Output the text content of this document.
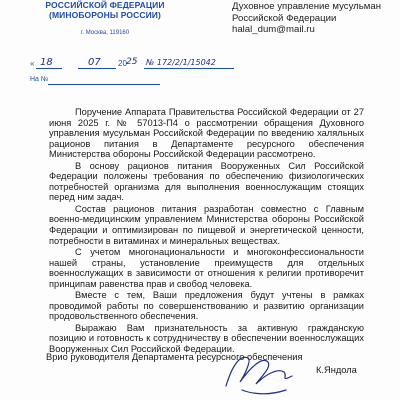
РОССИЙСКОЙ ФЕДЕРАЦИИ
(МИНОБОРОНЫ РОССИИ)
г. Москва, 119160
Духовное управление мусульман
Российской Федерации
halal_dum@mail.ru
« 18	07 20 25 № 172/2/1/15042
На №

Поручение Аппарата Правительства Российской Федерации от 27 июня 2025 г. № 57013-П4 о рассмотрении обращения Духовного управления мусульман Российской Федерации по введению халяльных рационов питания в Департаменте ресурсного обеспечения Министерства обороны Российской Федерации рассмотрено.

В основу рационов питания Вооруженных Сил Российской Федерации положены требования по обеспечению физиологических потребностей организма для выполнения военнослужащим стоящих перед ним задач.

Состав рационов питания разработан совместно с Главным военно-медицинским управлением Министерства обороны Российской Федерации и оптимизирован по пищевой и энергетической ценности, потребности в витаминах и минеральных веществах.

С учетом многонациональности и многоконфессиональности нашей страны, установление преимуществ для отдельных военнослужащих в зависимости от отношения к религии противоречит принципам равенства прав и свобод человека.

Вместе с тем, Ваши предложения будут учтены в рамках проводимой работы по совершенствованию и развитию организации продовольственного обеспечения.

Выражаю Вам признательность за активную гражданскую позицию и готовность к сотрудничеству в обеспечении военнослужащих Вооруженных Сил Российской Федерации.

Врио руководителя Департамента ресурсного обеспечения
К.Яндола
